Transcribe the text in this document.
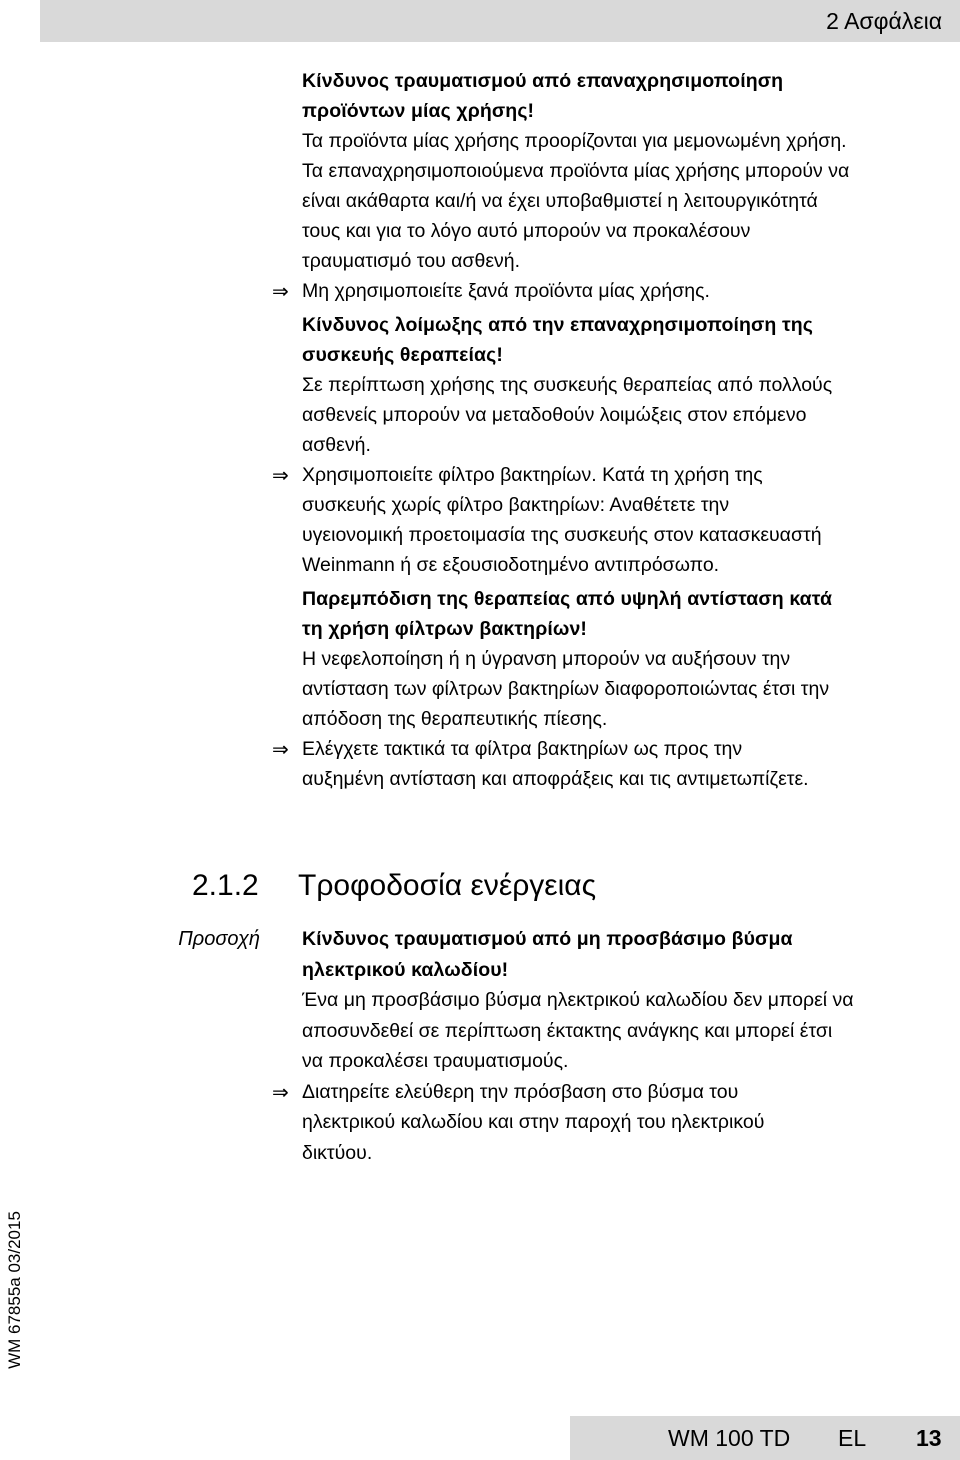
2 Ασφάλεια

Κίνδυνος τραυματισμού από επαναχρησιμοποίηση
προϊόντων μίας χρήσης!

Τα προϊόντα μίας χρήσης προορίζονται για μεμονωμένη χρήση.
Τα επαναχρησιμοποιούμενα προϊόντα μίας χρήσης μπορούν να
είναι ακάθαρτα και/ή να έχει υποβαθμιστεί η λειτουργικότητά
τους και για το λόγο αυτό μπορούν να προκαλέσουν
τραυματισμό του ασθενή.

⇒ Μη χρησιμοποιείτε ξανά προϊόντα μίας χρήσης.

Κίνδυνος λοίμωξης από την επαναχρησιμοποίηση της
συσκευής θεραπείας!

Σε περίπτωση χρήσης της συσκευής θεραπείας από πολλούς
ασθενείς μπορούν να μεταδοθούν λοιμώξεις στον επόμενο
ασθενή.

⇒ Χρησιμοποιείτε φίλτρο βακτηρίων. Κατά τη χρήση της
συσκευής χωρίς φίλτρο βακτηρίων: Αναθέτετε την
υγειονομική προετοιμασία της συσκευής στον κατασκευαστή
Weinmann ή σε εξουσιοδοτημένο αντιπρόσωπο.

Παρεμπόδιση της θεραπείας από υψηλή αντίσταση κατά
τη χρήση φίλτρων βακτηρίων!

Η νεφελοποίηση ή η ύγρανση μπορούν να αυξήσουν την
αντίσταση των φίλτρων βακτηρίων διαφοροποιώντας έτσι την
απόδοση της θεραπευτικής πίεσης.

⇒ Ελέγχετε τακτικά τα φίλτρα βακτηρίων ως προς την
αυξημένη αντίσταση και αποφράξεις και τις αντιμετωπίζετε.

2.1.2 Τροφοδοσία ενέργειας
Προσοχή Κίνδυνος τραυματισμού από μη προσβάσιμο βύσμα
ηλεκτρικού καλωδίου!

Ένα μη προσβάσιμο βύσμα ηλεκτρικού καλωδίου δεν μπορεί να
αποσυνδεθεί σε περίπτωση έκτακτης ανάγκης και μπορεί έτσι
να προκαλέσει τραυματισμούς.

⇒ Διατηρείτε ελεύθερη την πρόσβαση στο βύσμα του
ηλεκτρικού καλωδίου και στην παροχή του ηλεκτρικού
δικτύου.

WM 67855a 03/2015
WM 100 TD EL 13
